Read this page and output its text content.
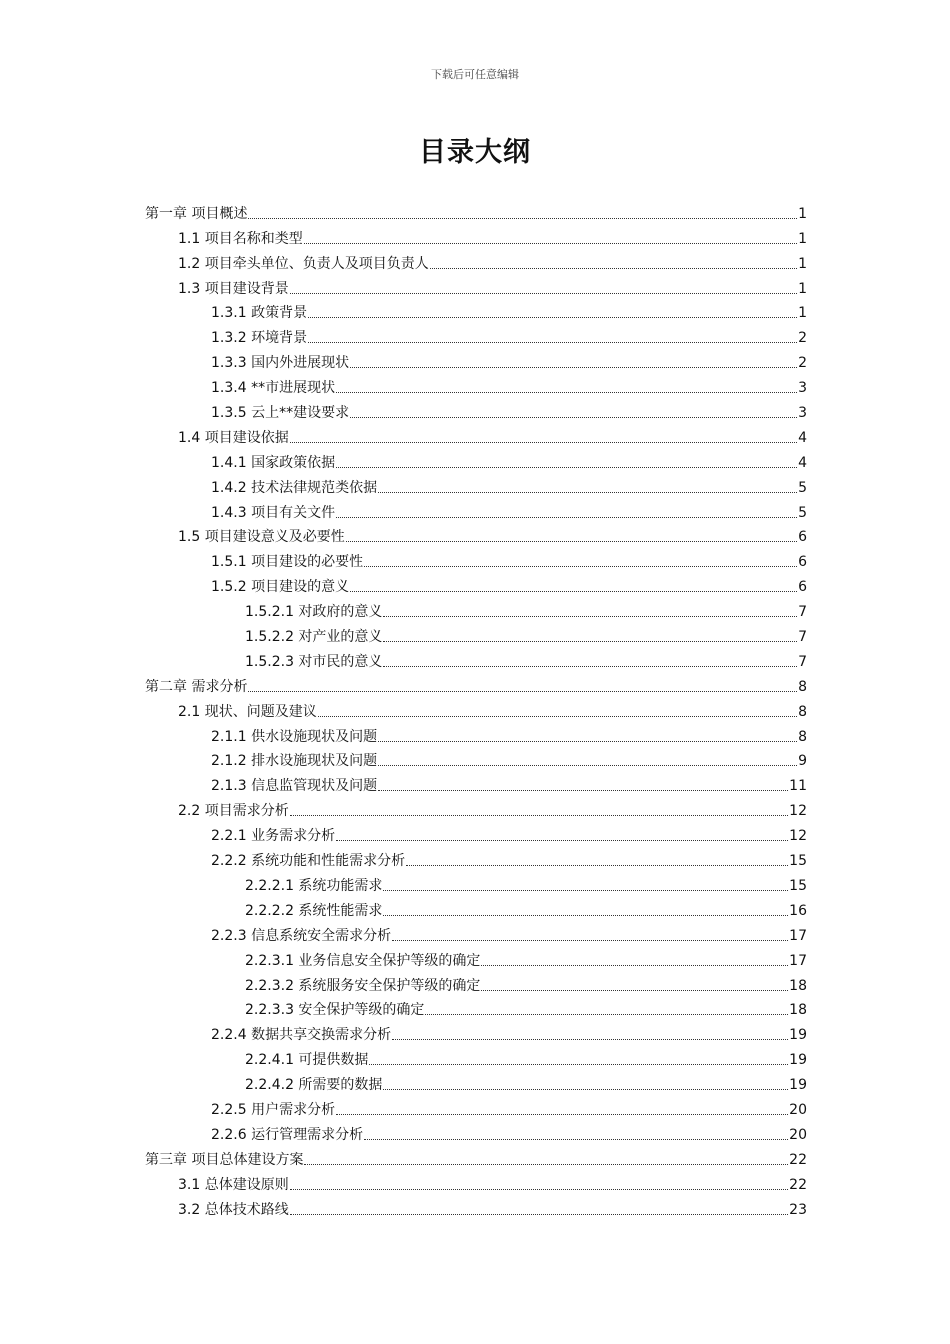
下载后可任意编辑
目录大纲
第一章 项目概述	1
1.1 项目名称和类型	1
1.2 项目牵头单位、负责人及项目负责人	1
1.3 项目建设背景	1
1.3.1 政策背景	1
1.3.2 环境背景	2
1.3.3 国内外进展现状	2
1.3.4 **市进展现状	3
1.3.5 云上**建设要求	3
1.4 项目建设依据	4
1.4.1 国家政策依据	4
1.4.2 技术法律规范类依据	5
1.4.3 项目有关文件	5
1.5 项目建设意义及必要性	6
1.5.1 项目建设的必要性	6
1.5.2 项目建设的意义	6
1.5.2.1 对政府的意义	7
1.5.2.2 对产业的意义	7
1.5.2.3 对市民的意义	7
第二章 需求分析	8
2.1 现状、问题及建议	8
2.1.1 供水设施现状及问题	8
2.1.2 排水设施现状及问题	9
2.1.3 信息监管现状及问题	11
2.2 项目需求分析	12
2.2.1 业务需求分析	12
2.2.2 系统功能和性能需求分析	15
2.2.2.1 系统功能需求	15
2.2.2.2 系统性能需求	16
2.2.3 信息系统安全需求分析	17
2.2.3.1 业务信息安全保护等级的确定	17
2.2.3.2 系统服务安全保护等级的确定	18
2.2.3.3 安全保护等级的确定	18
2.2.4 数据共享交换需求分析	19
2.2.4.1 可提供数据	19
2.2.4.2 所需要的数据	19
2.2.5 用户需求分析	20
2.2.6 运行管理需求分析	20
第三章 项目总体建设方案	22
3.1 总体建设原则	22
3.2 总体技术路线	23
